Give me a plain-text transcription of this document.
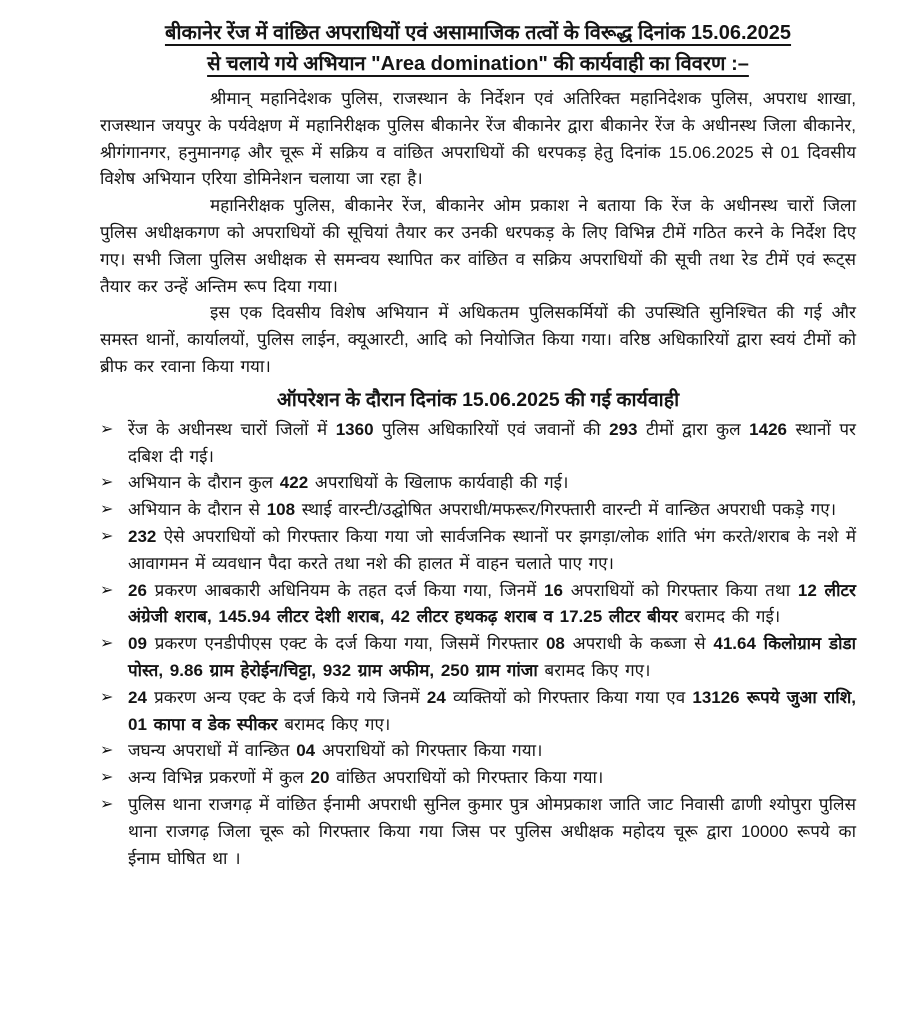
बीकानेर रेंज में वांछित अपराधियों एवं असामाजिक तत्वों के विरूद्ध दिनांक 15.06.2025
से चलाये गये अभियान "Area domination" की कार्यवाही का विवरण :–

श्रीमान् महानिदेशक पुलिस, राजस्थान के निर्देशन एवं अतिरिक्त महानिदेशक पुलिस, अपराध शाखा, राजस्थान जयपुर के पर्यवेक्षण में महानिरीक्षक पुलिस बीकानेर रेंज बीकानेर द्वारा बीकानेर रेंज के अधीनस्थ जिला बीकानेर, श्रीगंगानगर, हनुमानगढ़ और चूरू में सक्रिय व वांछित अपराधियों की धरपकड़ हेतु दिनांक 15.06.2025 से 01 दिवसीय विशेष अभियान एरिया डोमिनेशन चलाया जा रहा है।

महानिरीक्षक पुलिस, बीकानेर रेंज, बीकानेर ओम प्रकाश ने बताया कि रेंज के अधीनस्थ चारों जिला पुलिस अधीक्षकगण को अपराधियों की सूचियां तैयार कर उनकी धरपकड़ के लिए विभिन्न टीमें गठित करने के निर्देश दिए गए। सभी जिला पुलिस अधीक्षक से समन्वय स्थापित कर वांछित व सक्रिय अपराधियों की सूची तथा रेड टीमें एवं रूट्स तैयार कर उन्हें अन्तिम रूप दिया गया।

इस एक दिवसीय विशेष अभियान में अधिकतम पुलिसकर्मियों की उपस्थिति सुनिश्चित की गई और समस्त थानों, कार्यालयों, पुलिस लाईन, क्यूआरटी, आदि को नियोजित किया गया। वरिष्ठ अधिकारियों द्वारा स्वयं टीमों को ब्रीफ कर रवाना किया गया।

ऑपरेशन के दौरान दिनांक 15.06.2025 की गई कार्यवाही
➢ रेंज के अधीनस्थ चारों जिलों में 1360 पुलिस अधिकारियों एवं जवानों की 293 टीमों द्वारा कुल 1426 स्थानों पर दबिश दी गई।
➢ अभियान के दौरान कुल 422 अपराधियों के खिलाफ कार्यवाही की गई।
➢ अभियान के दौरान से 108 स्थाई वारन्टी/उद्घोषित अपराधी/मफरूर/गिरफ्तारी वारन्टी में वान्छित अपराधी पकड़े गए।
➢ 232 ऐसे अपराधियों को गिरफ्तार किया गया जो सार्वजनिक स्थानों पर झगड़ा/लोक शांति भंग करते/शराब के नशे में आवागमन में व्यवधान पैदा करते तथा नशे की हालत में वाहन चलाते पाए गए।
➢ 26 प्रकरण आबकारी अधिनियम के तहत दर्ज किया गया, जिनमें 16 अपराधियों को गिरफ्तार किया तथा 12 लीटर अंग्रेजी शराब, 145.94 लीटर देशी शराब, 42 लीटर हथकढ़ शराब व 17.25 लीटर बीयर बरामद की गई।
➢ 09 प्रकरण एनडीपीएस एक्ट के दर्ज किया गया, जिसमें गिरफ्तार 08 अपराधी के कब्जा से 41.64 किलोग्राम डोडा पोस्त, 9.86 ग्राम हेरोईन/चिट्टा, 932 ग्राम अफीम, 250 ग्राम गांजा बरामद किए गए।
➢ 24 प्रकरण अन्य एक्ट के दर्ज किये गये जिनमें 24 व्यक्तियों को गिरफ्तार किया गया एव 13126 रूपये जुआ राशि, 01 कापा व डेक स्पीकर बरामद किए गए।
➢ जघन्य अपराधों में वान्छित 04 अपराधियों को गिरफ्तार किया गया।
➢ अन्य विभिन्न प्रकरणों में कुल 20 वांछित अपराधियों को गिरफ्तार किया गया।
➢ पुलिस थाना राजगढ़ में वांछित ईनामी अपराधी सुनिल कुमार पुत्र ओमप्रकाश जाति जाट निवासी ढाणी श्योपुरा पुलिस थाना राजगढ़ जिला चूरू को गिरफ्तार किया गया जिस पर पुलिस अधीक्षक महोदय चूरू द्वारा 10000 रूपये का ईनाम घोषित था ।
